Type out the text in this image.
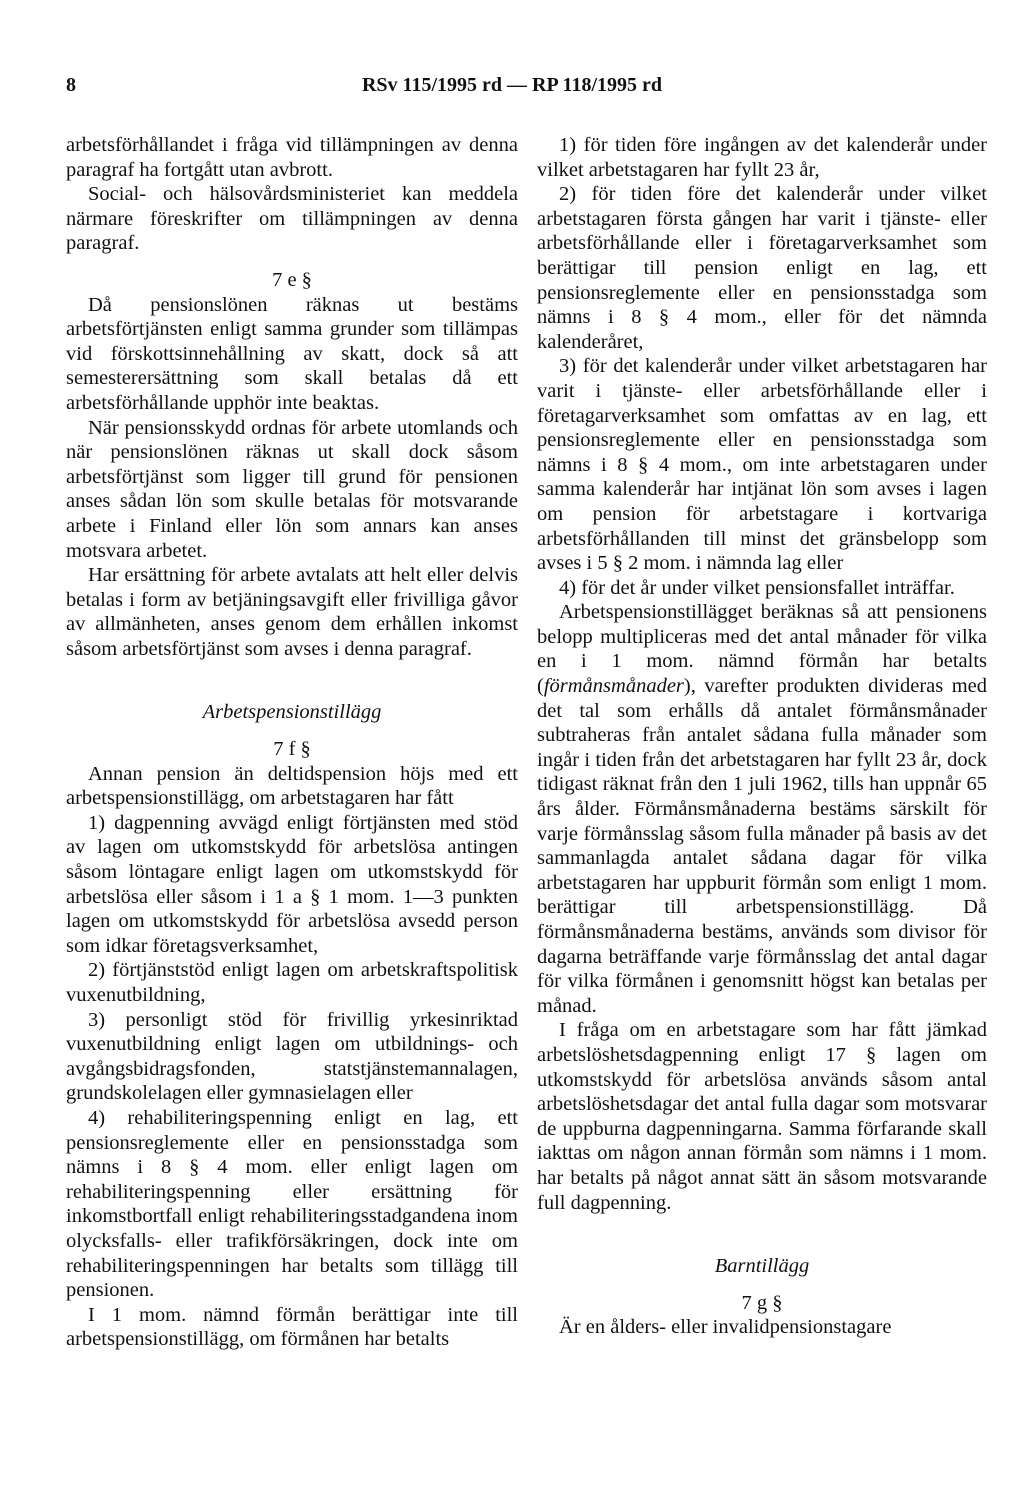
8	RSv 115/1995 rd — RP 118/1995 rd

arbetsförhållandet i fråga vid tillämpningen av denna paragraf ha fortgått utan avbrott.

Social- och hälsovårdsministeriet kan meddela närmare föreskrifter om tillämpningen av denna paragraf.

7 e §

Då pensionslönen räknas ut bestäms arbetsförtjänsten enligt samma grunder som tillämpas vid förskottsinnehållning av skatt, dock så att semesterersättning som skall betalas då ett arbetsförhållande upphör inte beaktas.

När pensionsskydd ordnas för arbete utomlands och när pensionslönen räknas ut skall dock såsom arbetsförtjänst som ligger till grund för pensionen anses sådan lön som skulle betalas för motsvarande arbete i Finland eller lön som annars kan anses motsvara arbetet.

Har ersättning för arbete avtalats att helt eller delvis betalas i form av betjäningsavgift eller frivilliga gåvor av allmänheten, anses genom dem erhållen inkomst såsom arbetsförtjänst som avses i denna paragraf.

Arbetspensionstillägg

7 f §

Annan pension än deltidspension höjs med ett arbetspensionstillägg, om arbetstagaren har fått

1) dagpenning avvägd enligt förtjänsten med stöd av lagen om utkomstskydd för arbetslösa antingen såsom löntagare enligt lagen om utkomstskydd för arbetslösa eller såsom i 1 a § 1 mom. 1—3 punkten lagen om utkomstskydd för arbetslösa avsedd person som idkar företagsverksamhet,

2) förtjänststöd enligt lagen om arbetskraftspolitisk vuxenutbildning,

3) personligt stöd för frivillig yrkesinriktad vuxenutbildning enligt lagen om utbildnings- och avgångsbidragsfonden, statstjänstemannalagen, grundskolelagen eller gymnasielagen eller

4) rehabiliteringspenning enligt en lag, ett pensionsreglemente eller en pensionsstadga som nämns i 8 § 4 mom. eller enligt lagen om rehabiliteringspenning eller ersättning för inkomstbortfall enligt rehabiliteringsstadgandena inom olycksfalls- eller trafikförsäkringen, dock inte om rehabiliteringspenningen har betalts som tillägg till pensionen.

I 1 mom. nämnd förmån berättigar inte till arbetspensionstillägg, om förmånen har betalts

1) för tiden före ingången av det kalenderår under vilket arbetstagaren har fyllt 23 år,

2) för tiden före det kalenderår under vilket arbetstagaren första gången har varit i tjänste- eller arbetsförhållande eller i företagarverksamhet som berättigar till pension enligt en lag, ett pensionsreglemente eller en pensionsstadga som nämns i 8 § 4 mom., eller för det nämnda kalenderåret,

3) för det kalenderår under vilket arbetstagaren har varit i tjänste- eller arbetsförhållande eller i företagarverksamhet som omfattas av en lag, ett pensionsreglemente eller en pensionsstadga som nämns i 8 § 4 mom., om inte arbetstagaren under samma kalenderår har intjänat lön som avses i lagen om pension för arbetstagare i kortvariga arbetsförhållanden till minst det gränsbelopp som avses i 5 § 2 mom. i nämnda lag eller

4) för det år under vilket pensionsfallet inträffar.

Arbetspensionstillägget beräknas så att pensionens belopp multipliceras med det antal månader för vilka en i 1 mom. nämnd förmån har betalts (förmånsmånader), varefter produkten divideras med det tal som erhålls då antalet förmånsmånader subtraheras från antalet sådana fulla månader som ingår i tiden från det arbetstagaren har fyllt 23 år, dock tidigast räknat från den 1 juli 1962, tills han uppnår 65 års ålder. Förmånsmånaderna bestäms särskilt för varje förmånsslag såsom fulla månader på basis av det sammanlagda antalet sådana dagar för vilka arbetstagaren har uppburit förmån som enligt 1 mom. berättigar till arbetspensionstillägg. Då förmånsmånaderna bestäms, används som divisor för dagarna beträffande varje förmånsslag det antal dagar för vilka förmånen i genomsnitt högst kan betalas per månad.

I fråga om en arbetstagare som har fått jämkad arbetslöshetsdagpenning enligt 17 § lagen om utkomstskydd för arbetslösa används såsom antal arbetslöshetsdagar det antal fulla dagar som motsvarar de uppburna dagpenningarna. Samma förfarande skall iakttas om någon annan förmån som nämns i 1 mom. har betalts på något annat sätt än såsom motsvarande full dagpenning.

Barntillägg

7 g §

Är en ålders- eller invalidpensionstagare
